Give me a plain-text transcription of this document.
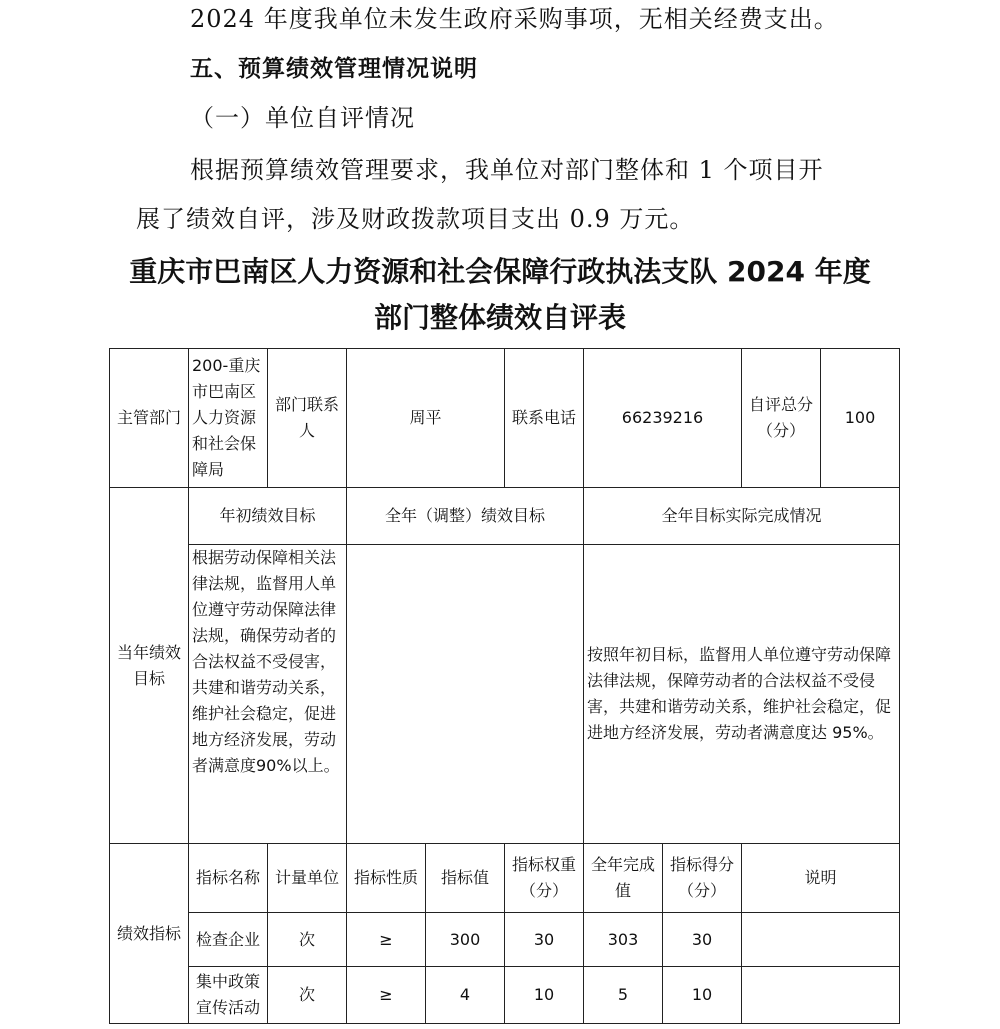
2024 年度我单位未发生政府采购事项，无相关经费支出。
五、预算绩效管理情况说明
（一）单位自评情况
根据预算绩效管理要求，我单位对部门整体和 1 个项目开
展了绩效自评，涉及财政拨款项目支出 0.9 万元。
重庆市巴南区人力资源和社会保障行政执法支队 2024 年度
部门整体绩效自评表
主管部门	200-重庆市巴南区人力资源和社会保障局	部门联系人	周平		联系电话	66239216		自评总分（分）	100
当年绩效目标	年初绩效目标		全年（调整）绩效目标			全年目标实际完成情况			
	根据劳动保障相关法律法规，监督用人单位遵守劳动保障法律法规，确保劳动者的合法权益不受侵害，共建和谐劳动关系，维护社会稳定，促进地方经济发展，劳动者满意度90%以上。					按照年初目标，监督用人单位遵守劳动保障法律法规，保障劳动者的合法权益不受侵害，共建和谐劳动关系，维护社会稳定，促进地方经济发展，劳动者满意度达 95%。			
绩效指标	指标名称	计量单位	指标性质	指标值	指标权重（分）	全年完成值	指标得分（分）	说明	
	检查企业	次	≥	300	30	303	30		
	集中政策宣传活动	次	≥	4	10	5	10		
